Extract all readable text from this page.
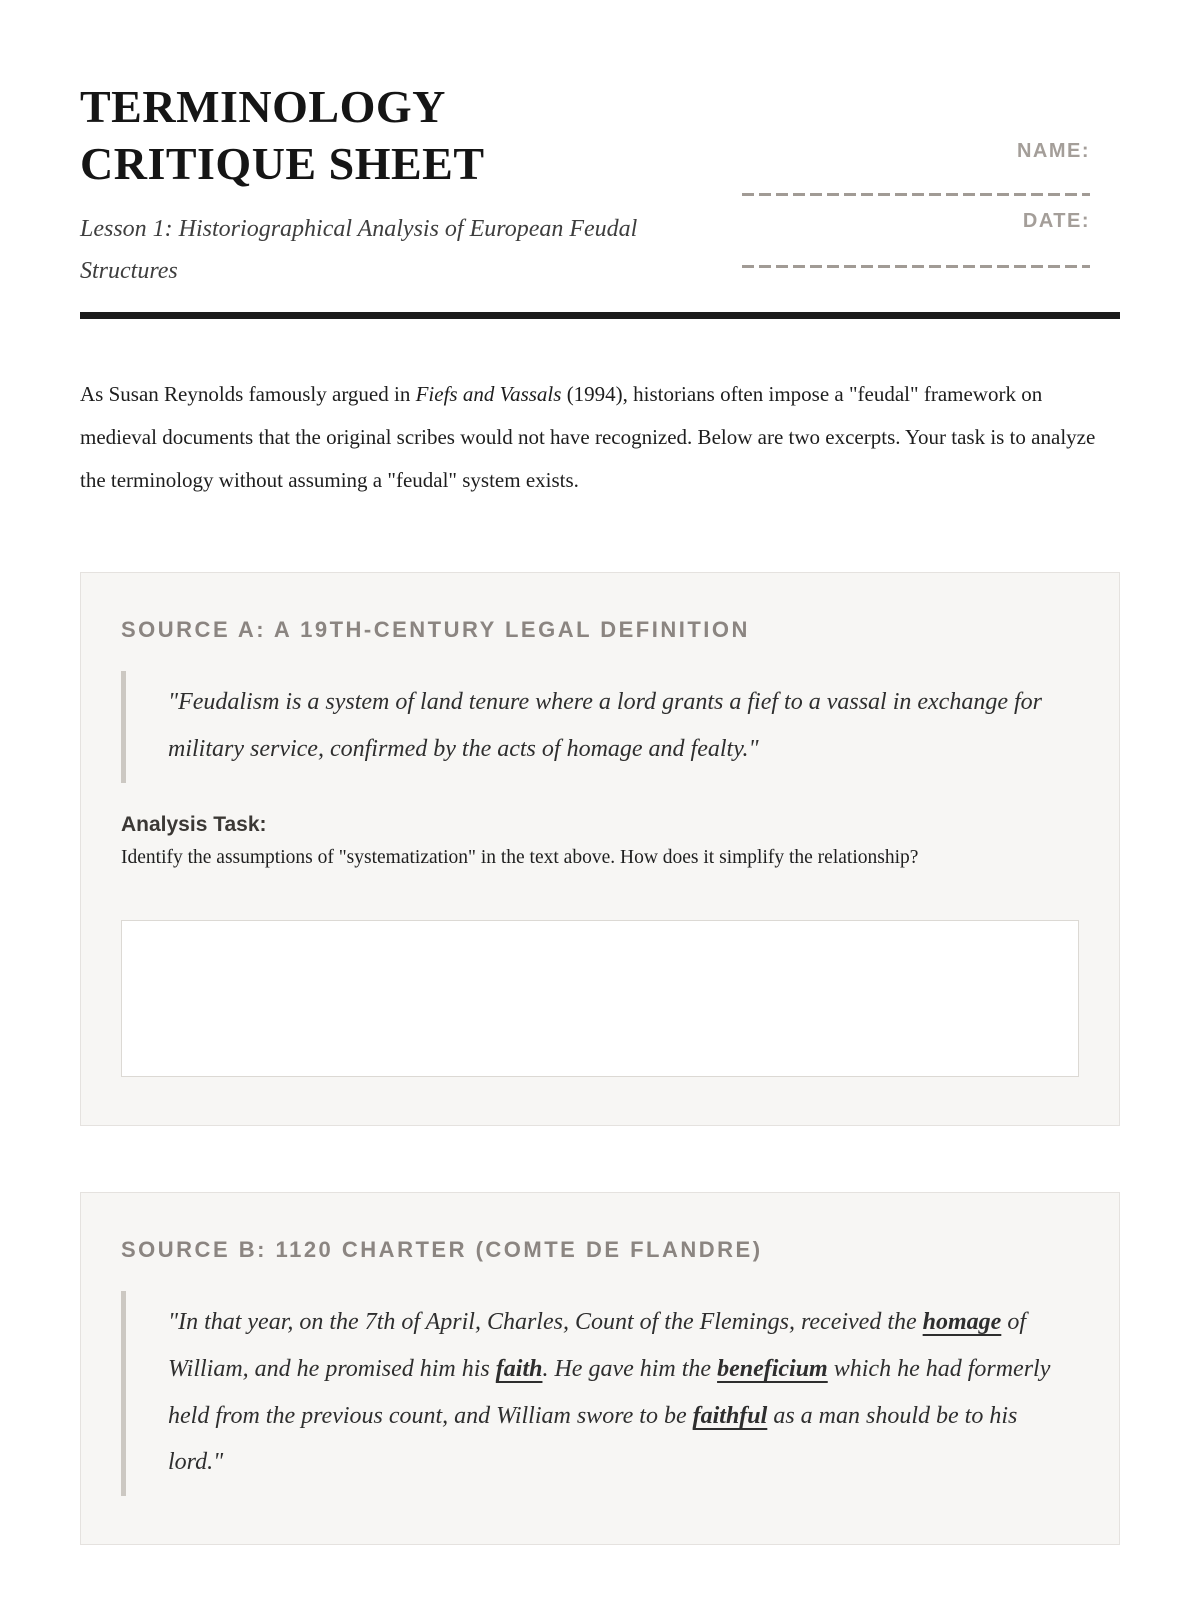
TERMINOLOGY CRITIQUE SHEET
Lesson 1: Historiographical Analysis of European Feudal Structures
NAME:
DATE:

As Susan Reynolds famously argued in Fiefs and Vassals (1994), historians often impose a "feudal" framework on medieval documents that the original scribes would not have recognized. Below are two excerpts. Your task is to analyze the terminology without assuming a "feudal" system exists.

SOURCE A: A 19TH-CENTURY LEGAL DEFINITION
"Feudalism is a system of land tenure where a lord grants a fief to a vassal in exchange for military service, confirmed by the acts of homage and fealty."
Analysis Task:
Identify the assumptions of "systematization" in the text above. How does it simplify the relationship?
SOURCE B: 1120 CHARTER (COMTE DE FLANDRE)
"In that year, on the 7th of April, Charles, Count of the Flemings, received the homage of William, and he promised him his faith. He gave him the beneficium which he had formerly held from the previous count, and William swore to be faithful as a man should be to his lord."
